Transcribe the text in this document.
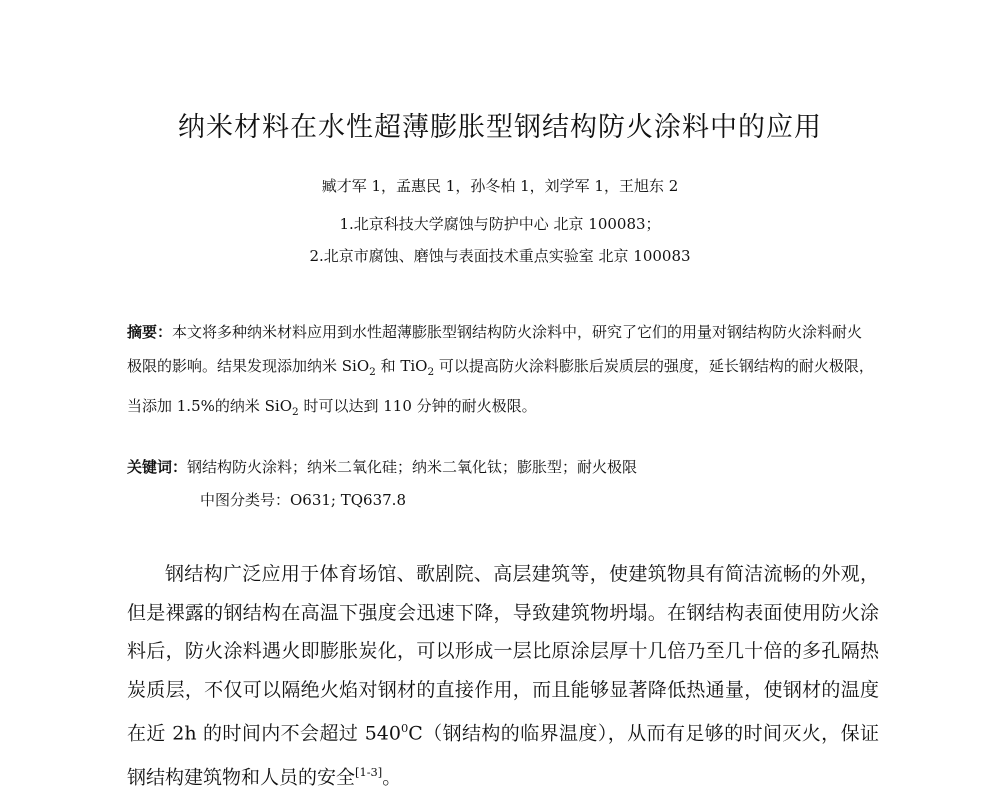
纳米材料在水性超薄膨胀型钢结构防火涂料中的应用
臧才军 1，孟惠民 1，孙冬柏 1，刘学军 1，王旭东 2
1.北京科技大学腐蚀与防护中心 北京 100083；
2.北京市腐蚀、磨蚀与表面技术重点实验室 北京 100083
摘要：本文将多种纳米材料应用到水性超薄膨胀型钢结构防火涂料中，研究了它们的用量对钢结构防火涂料耐火极限的影响。结果发现添加纳米 SiO$_2$ 和 TiO$_2$ 可以提高防火涂料膨胀后炭质层的强度，延长钢结构的耐火极限，当添加 1.5%的纳米 SiO$_2$ 时可以达到 110 分钟的耐火极限。
关键词：钢结构防火涂料；纳米二氧化硅；纳米二氧化钛；膨胀型；耐火极限
中图分类号：O631; TQ637.8

钢结构广泛应用于体育场馆、歌剧院、高层建筑等，使建筑物具有简洁流畅的外观，但是裸露的钢结构在高温下强度会迅速下降，导致建筑物坍塌。在钢结构表面使用防火涂料后，防火涂料遇火即膨胀炭化，可以形成一层比原涂层厚十几倍乃至几十倍的多孔隔热炭质层，不仅可以隔绝火焰对钢材的直接作用，而且能够显著降低热通量，使钢材的温度在近 2h 的时间内不会超过 $540^0C$（钢结构的临界温度），从而有足够的时间灭火，保证钢结构建筑物和人员的安全[1-3]。
